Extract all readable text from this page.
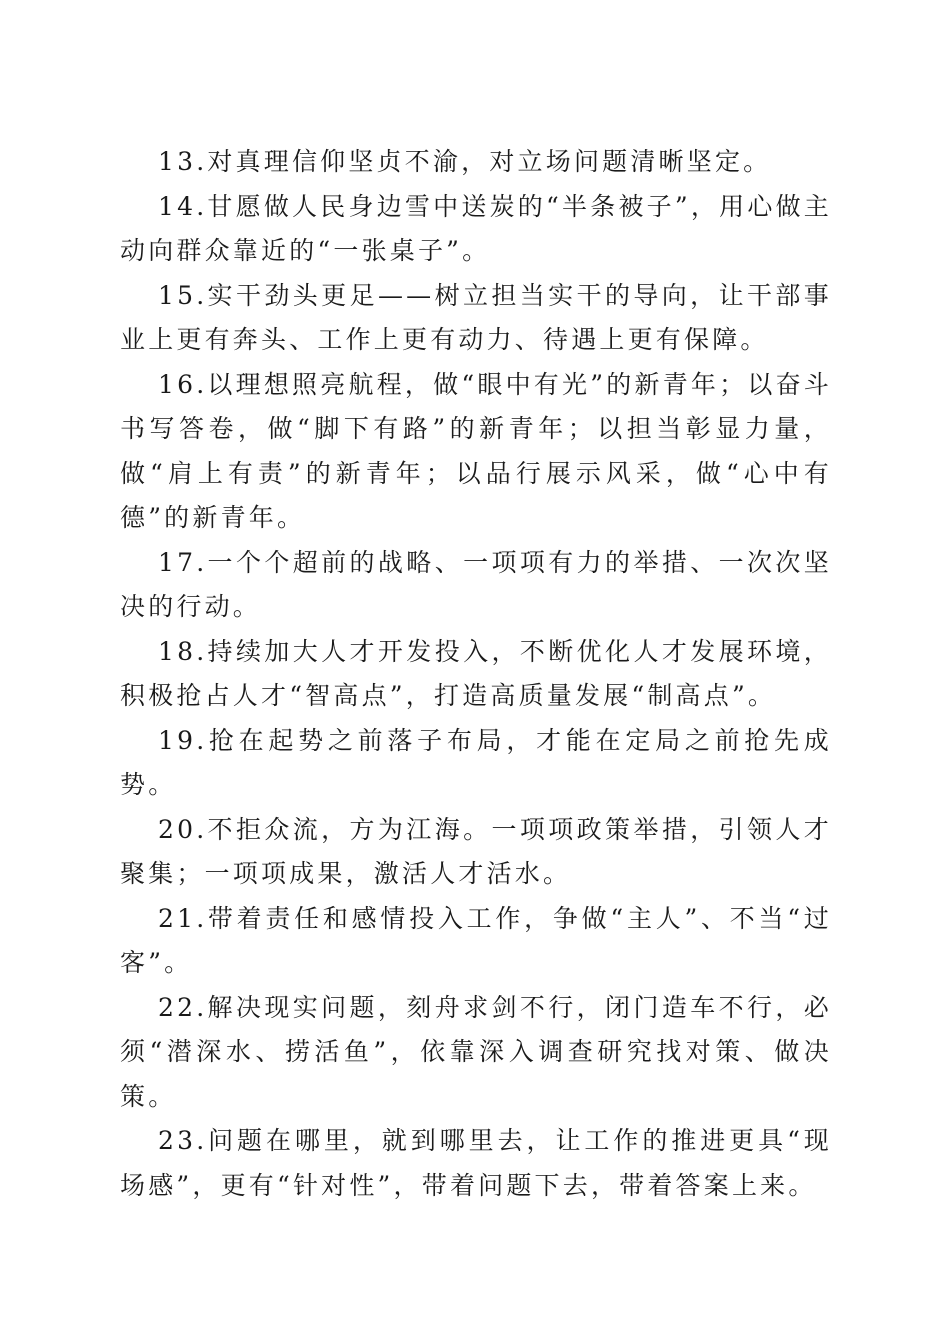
13.对真理信仰坚贞不渝，对立场问题清晰坚定。

14.甘愿做人民身边雪中送炭的“半条被子”，用心做主动向群众靠近的“一张桌子”。

15.实干劲头更足——树立担当实干的导向，让干部事业上更有奔头、工作上更有动力、待遇上更有保障。

16.以理想照亮航程，做“眼中有光”的新青年；以奋斗书写答卷，做“脚下有路”的新青年；以担当彰显力量，做“肩上有责”的新青年；以品行展示风采，做“心中有德”的新青年。

17.一个个超前的战略、一项项有力的举措、一次次坚决的行动。

18.持续加大人才开发投入，不断优化人才发展环境，积极抢占人才“智高点”，打造高质量发展“制高点”。

19.抢在起势之前落子布局，才能在定局之前抢先成势。

20.不拒众流，方为江海。一项项政策举措，引领人才聚集；一项项成果，激活人才活水。

21.带着责任和感情投入工作，争做“主人”、不当“过客”。

22.解决现实问题，刻舟求剑不行，闭门造车不行，必须“潜深水、捞活鱼”，依靠深入调查研究找对策、做决策。

23.问题在哪里，就到哪里去，让工作的推进更具“现场感”，更有“针对性”，带着问题下去，带着答案上来。
